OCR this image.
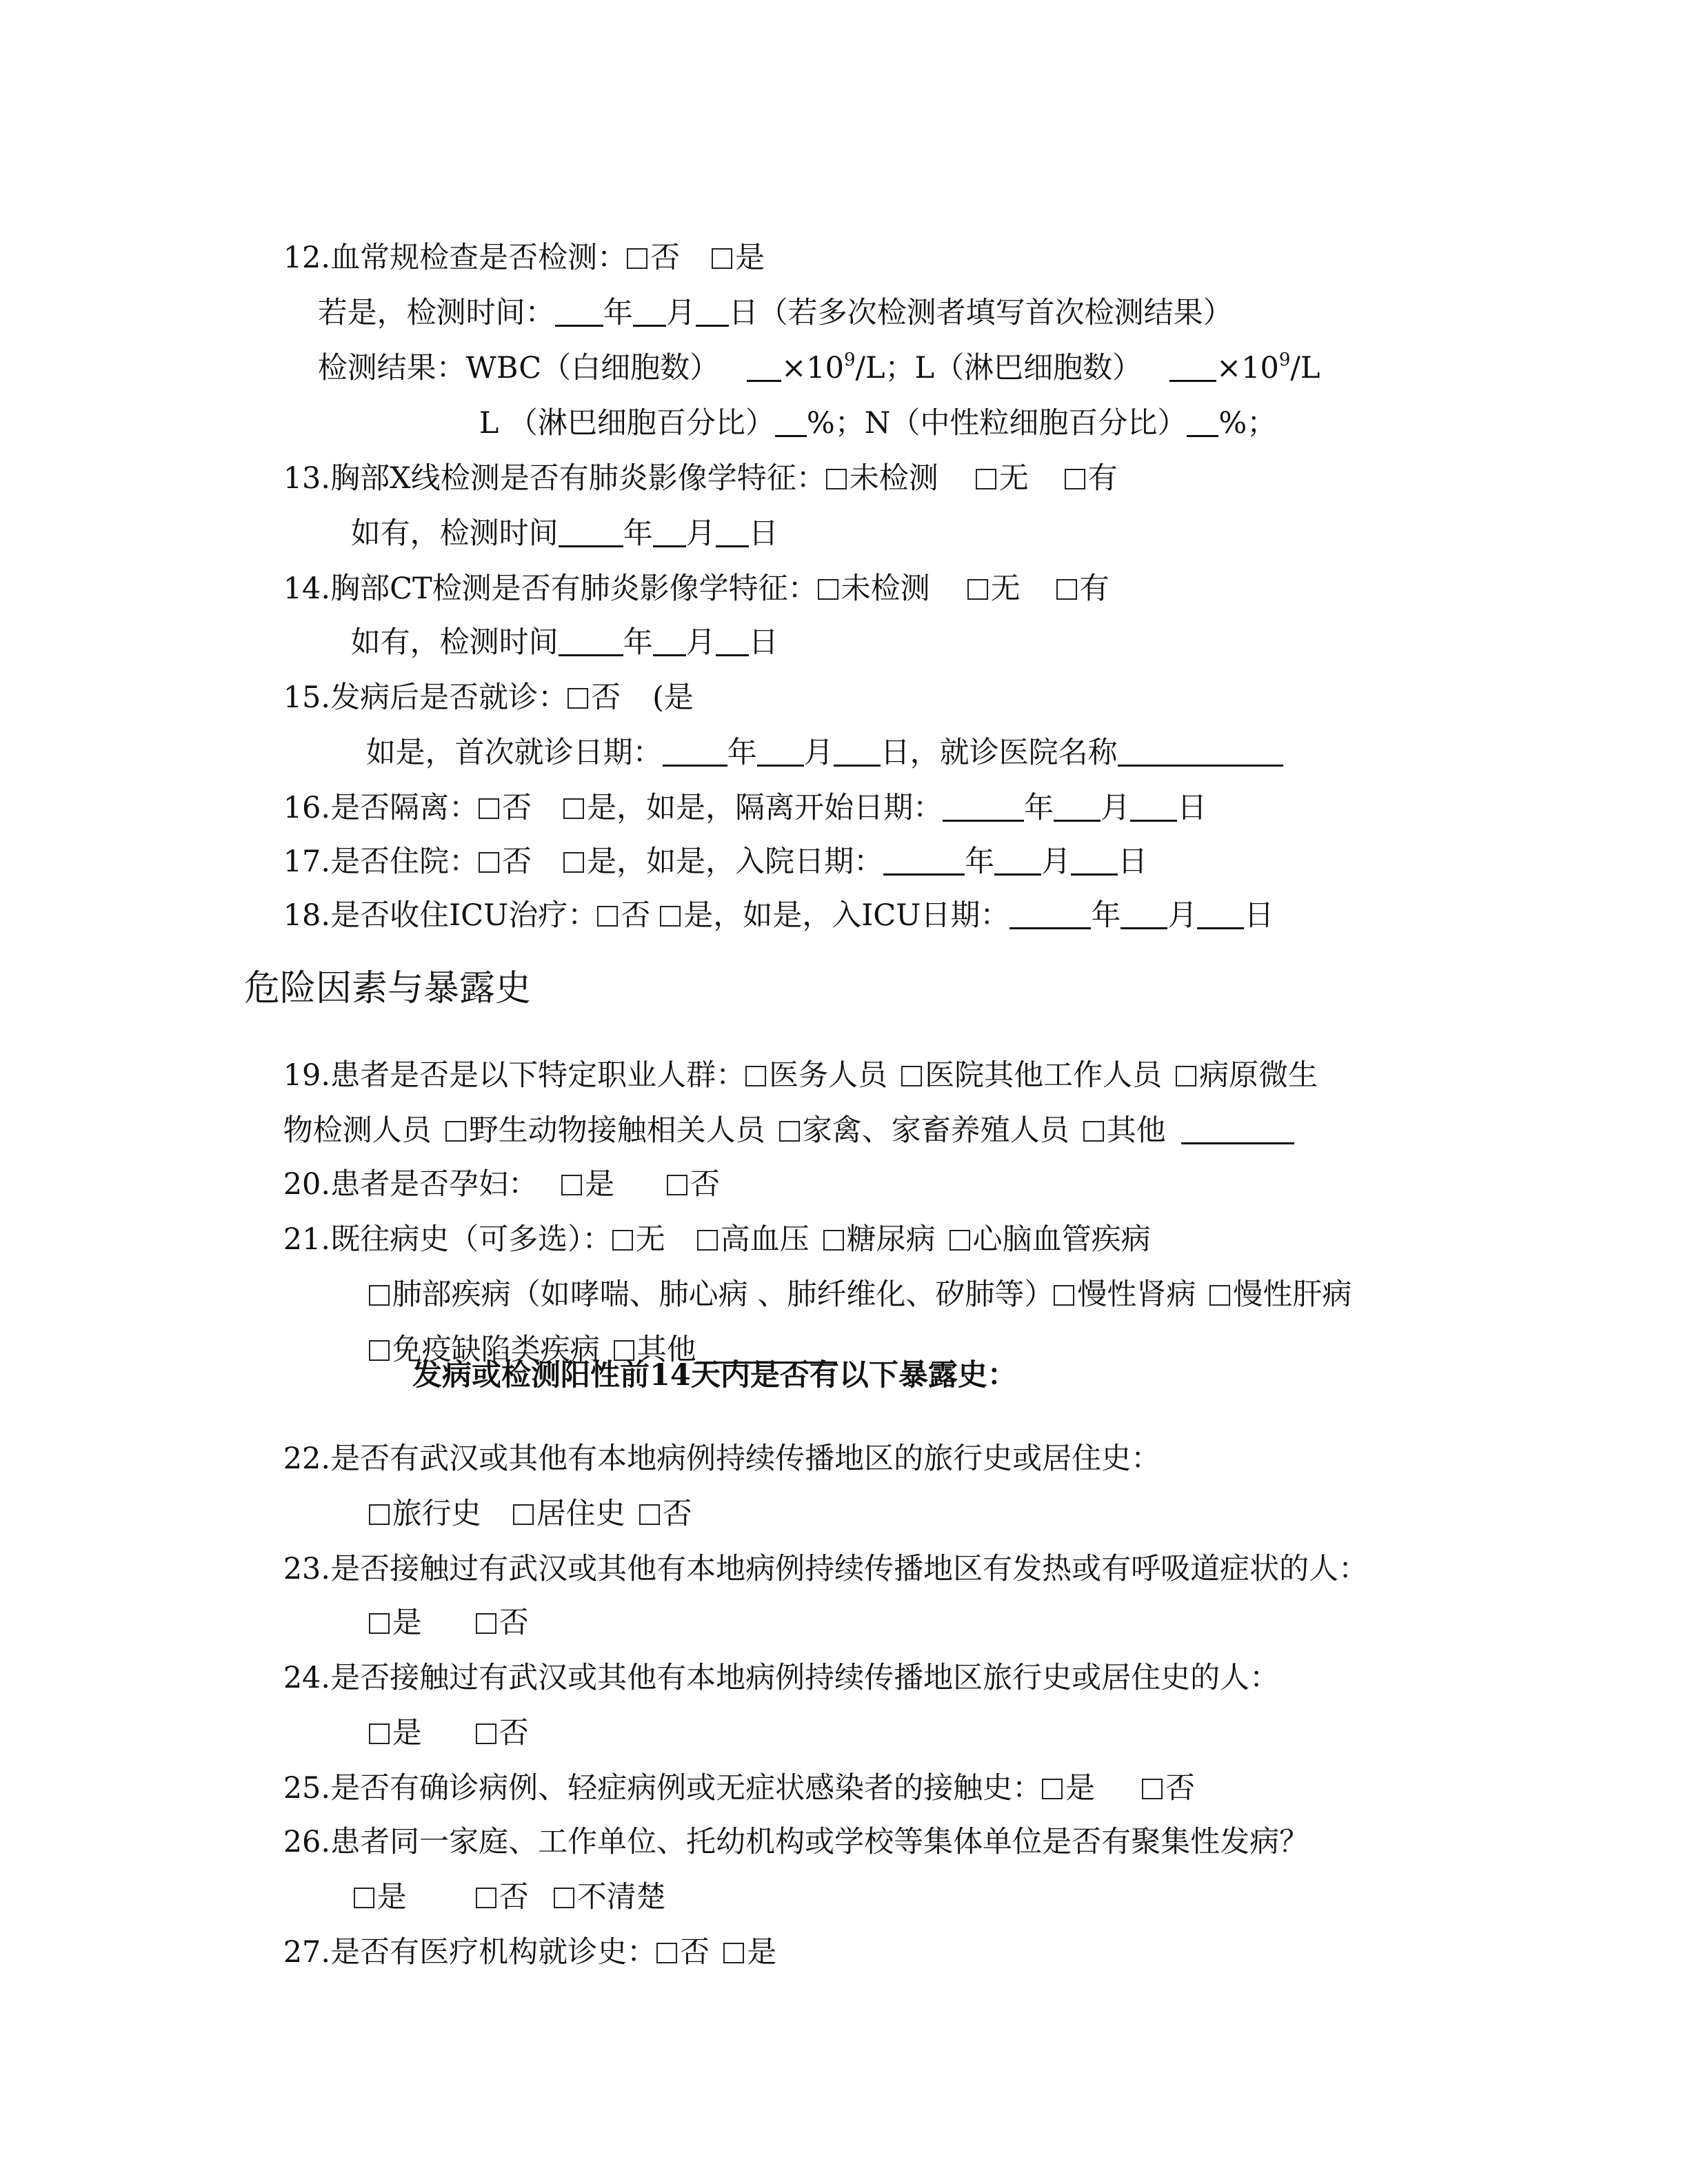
12.血常规检查是否检测： 否 是

若是，检测时间： 年 月 日（若多次检测者填写首次检测结果）

检测结果：WBC（白细胞数） $\times 10^9/L$；L（淋巴细胞数）	$\times 10^9/L$

L （淋巴细胞百分比） %；N（中性粒细胞百分比） %；

13.胸部X线检测是否有肺炎影像学特征： 未检测 无 有

如有，检测时间 年 月 日

14.胸部CT检测是否有肺炎影像学特征： 未检测 无 有

如有，检测时间 年 月 日

15.发病后是否就诊： 否 (是

如是，首次就诊日期： 年 月 日，就诊医院名称

16.是否隔离： 否 是，如是，隔离开始日期：	年 月 日

17.是否住院： 否 是，如是，入院日期：	年 月 日

18.是否收住ICU治疗： 否 是，如是，入ICU日期：	年 月 日

危险因素与暴露史

19.患者是否是以下特定职业人群： 医务人员 医院其他工作人员 病原微生

物检测人员 野生动物接触相关人员 家禽、家畜养殖人员 其他

20.患者是否孕妇： 是	否

21.既往病史（可多选）： 无 高血压 糖尿病 心脑血管疾病

肺部疾病（如哮喘、肺心病 、肺纤维化、矽肺等） 慢性肾病 慢性肝病

免疫缺陷类疾病 其他

发病或检测阳性前14天内是否有以下暴露史：

22.是否有武汉或其他有本地病例持续传播地区的旅行史或居住史：

旅行史 居住史 否

23.是否接触过有武汉或其他有本地病例持续传播地区有发热或有呼吸道症状的人：

是	否

24.是否接触过有武汉或其他有本地病例持续传播地区旅行史或居住史的人：

是	否

25.是否有确诊病例、轻症病例或无症状感染者的接触史： 是 否

26.患者同一家庭、工作单位、托幼机构或学校等集体单位是否有聚集性发病？

是	否 不清楚

27.是否有医疗机构就诊史： 否 是
